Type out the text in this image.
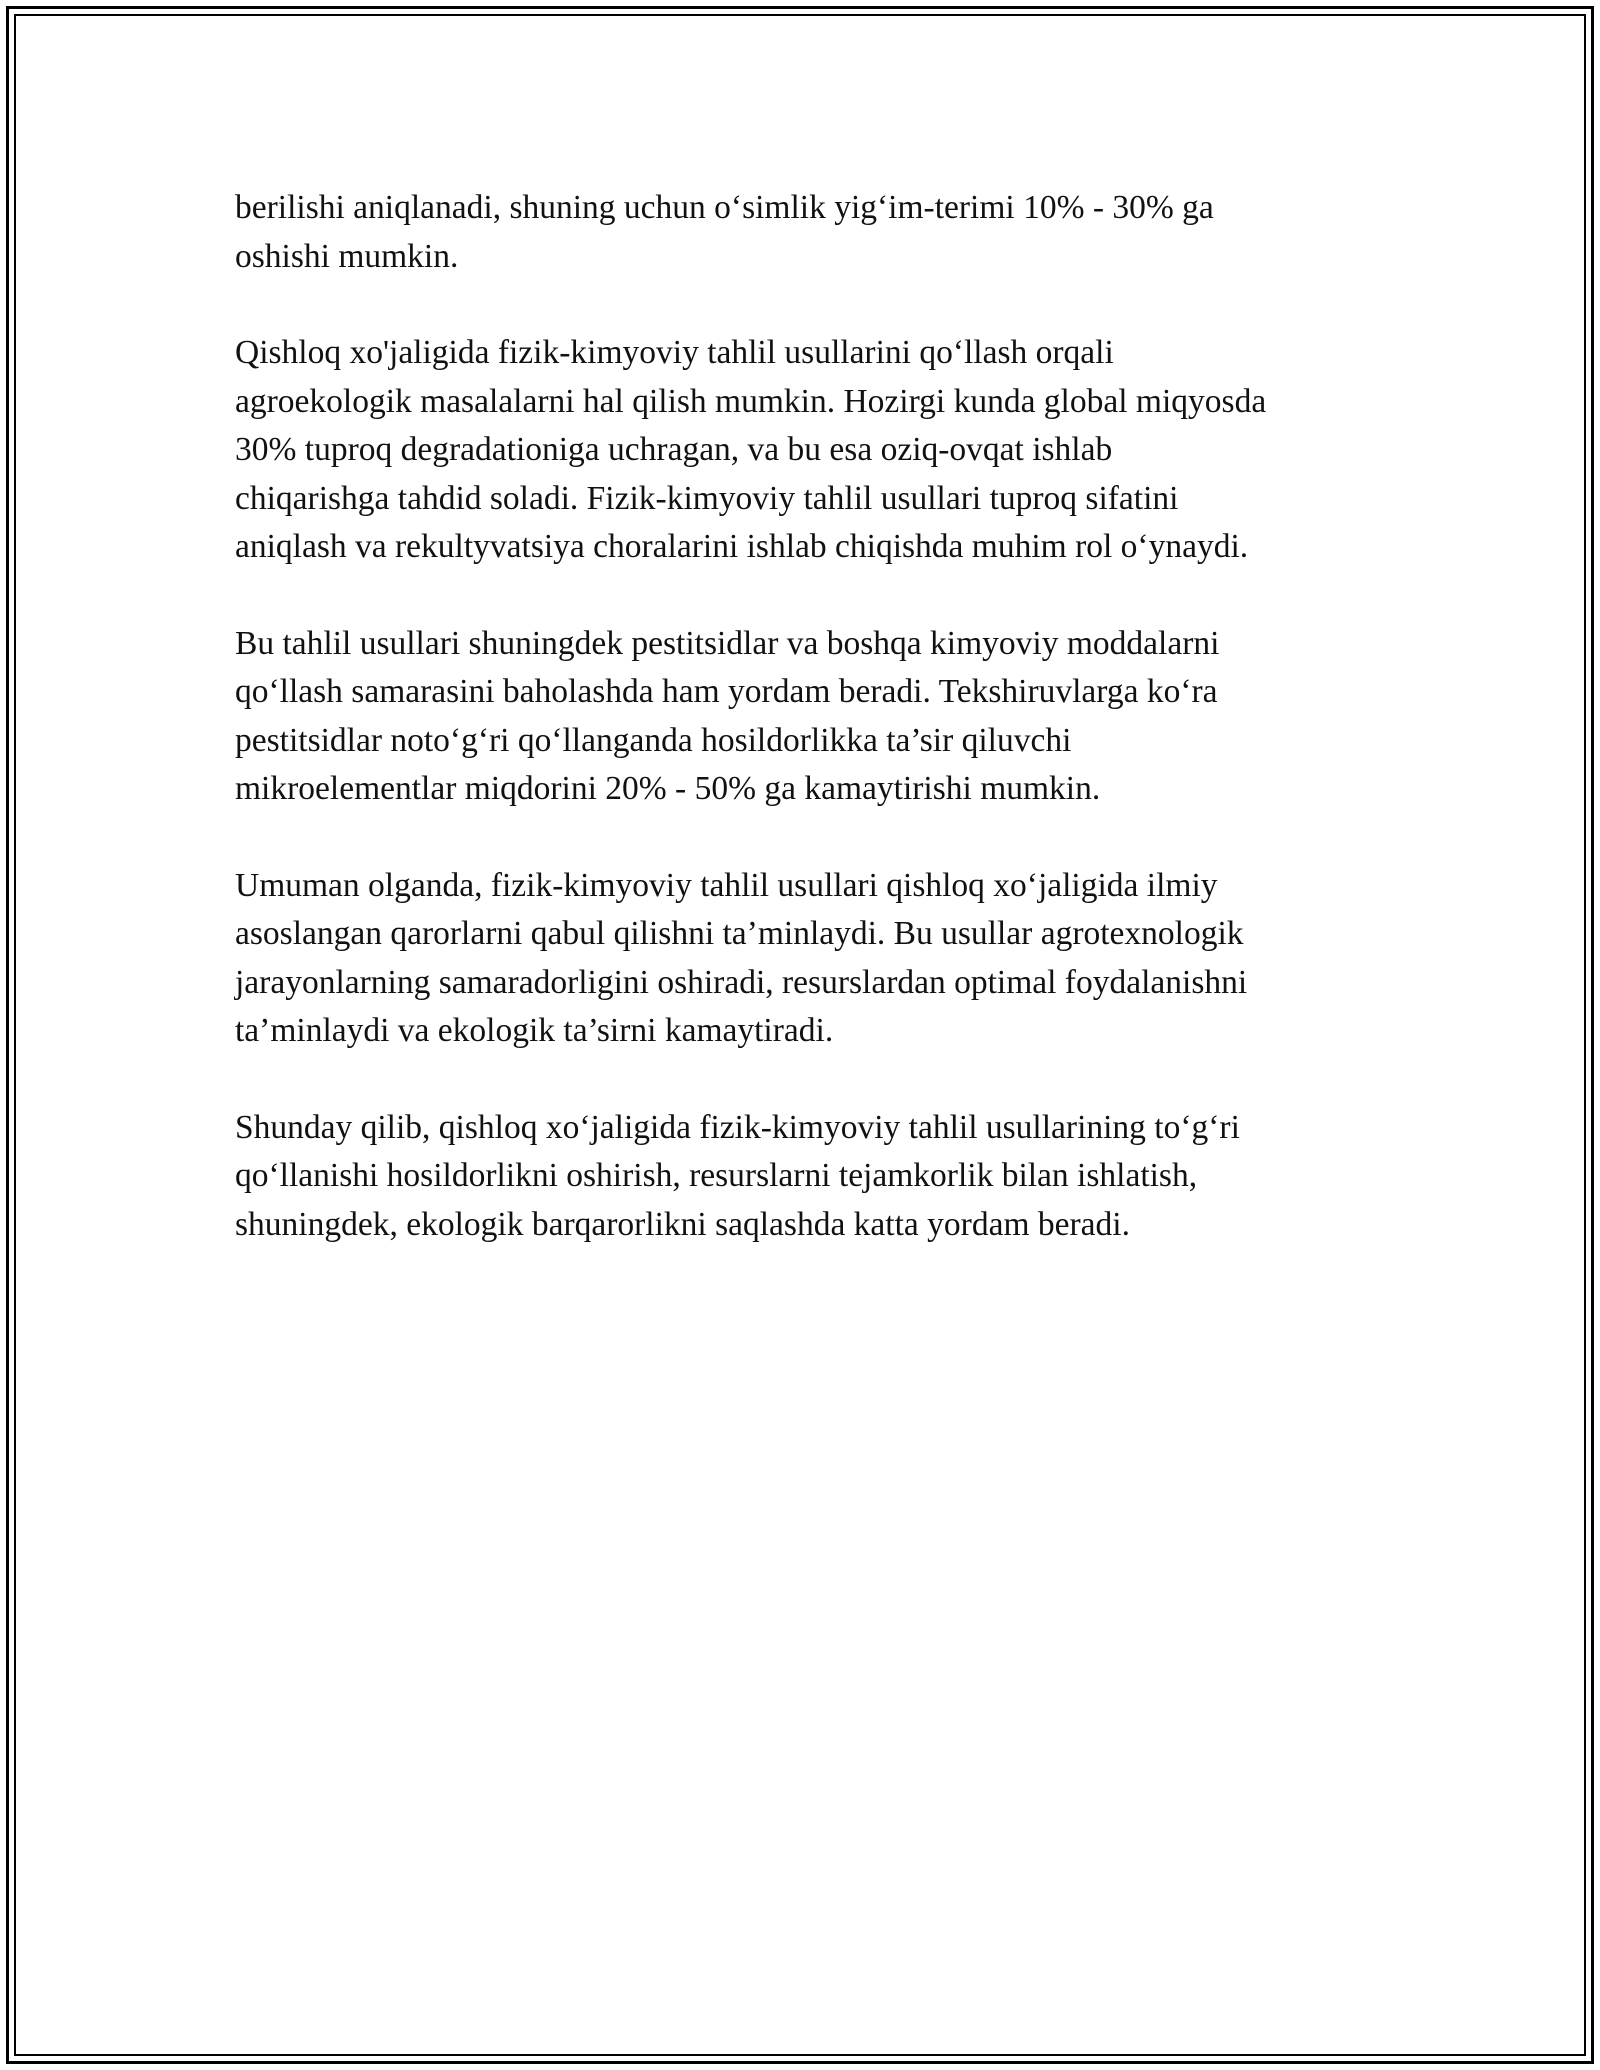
berilishi aniqlanadi, shuning uchun o‘simlik yig‘im-terimi 10% - 30% ga
oshishi mumkin.

Qishloq xo'jaligida fizik-kimyoviy tahlil usullarini qo‘llash orqali
agroekologik masalalarni hal qilish mumkin. Hozirgi kunda global miqyosda
30% tuproq degradationiga uchragan, va bu esa oziq-ovqat ishlab
chiqarishga tahdid soladi. Fizik-kimyoviy tahlil usullari tuproq sifatini
aniqlash va rekultyvatsiya choralarini ishlab chiqishda muhim rol o‘ynaydi.

Bu tahlil usullari shuningdek pestitsidlar va boshqa kimyoviy moddalarni
qo‘llash samarasini baholashda ham yordam beradi. Tekshiruvlarga ko‘ra
pestitsidlar noto‘g‘ri qo‘llanganda hosildorlikka ta’sir qiluvchi
mikroelementlar miqdorini 20% - 50% ga kamaytirishi mumkin.

Umuman olganda, fizik-kimyoviy tahlil usullari qishloq xo‘jaligida ilmiy
asoslangan qarorlarni qabul qilishni ta’minlaydi. Bu usullar agrotexnologik
jarayonlarning samaradorligini oshiradi, resurslardan optimal foydalanishni
ta’minlaydi va ekologik ta’sirni kamaytiradi.

Shunday qilib, qishloq xo‘jaligida fizik-kimyoviy tahlil usullarining to‘g‘ri
qo‘llanishi hosildorlikni oshirish, resurslarni tejamkorlik bilan ishlatish,
shuningdek, ekologik barqarorlikni saqlashda katta yordam beradi.
